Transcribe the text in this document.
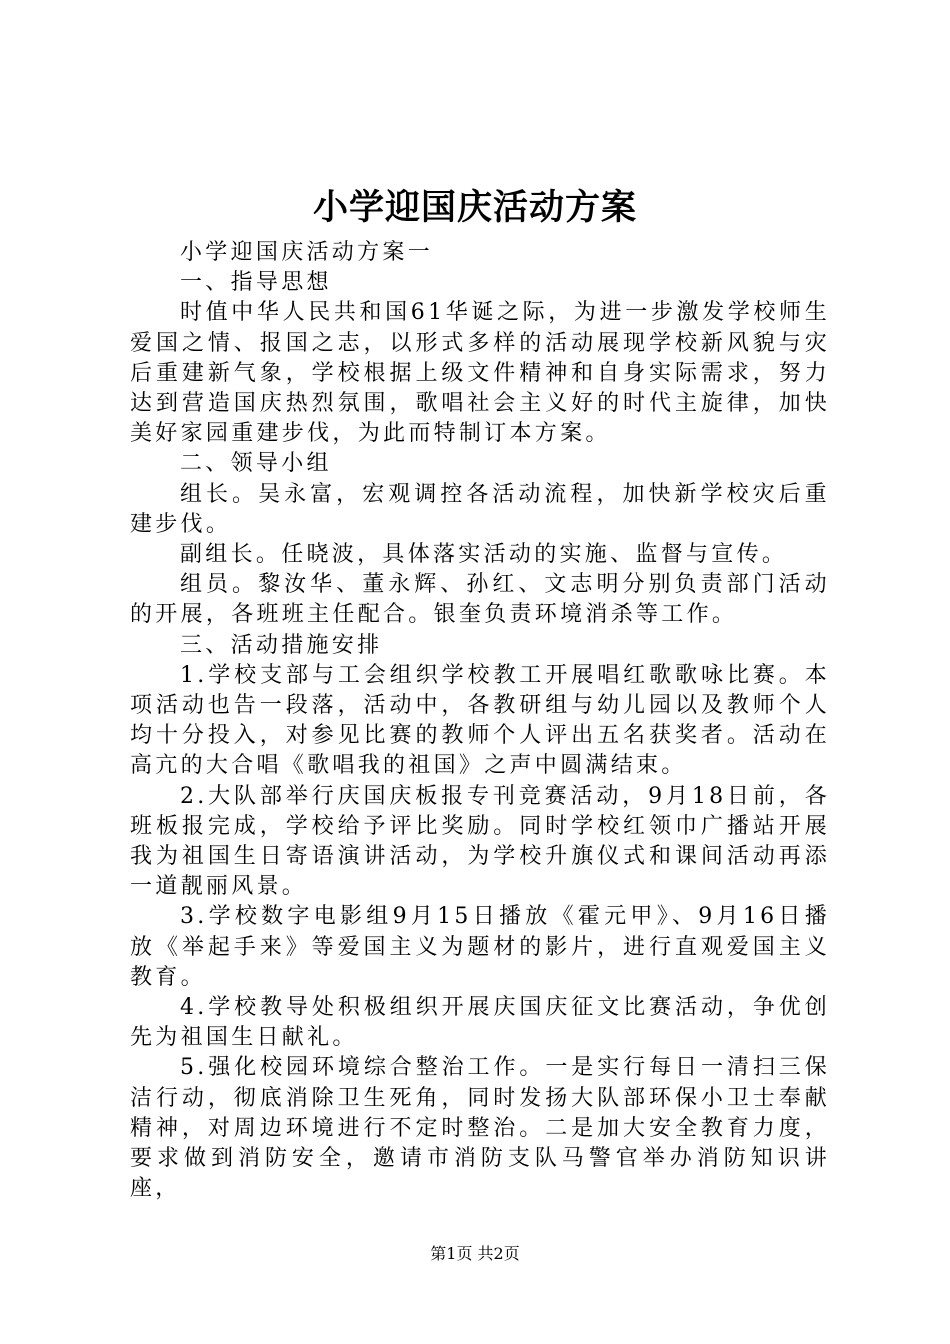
小学迎国庆活动方案

小学迎国庆活动方案一

一、指导思想

时值中华人民共和国61华诞之际，为进一步激发学校师生爱国之情、报国之志，以形式多样的活动展现学校新风貌与灾后重建新气象，学校根据上级文件精神和自身实际需求，努力达到营造国庆热烈氛围，歌唱社会主义好的时代主旋律，加快美好家园重建步伐，为此而特制订本方案。

二、领导小组

组长。吴永富，宏观调控各活动流程，加快新学校灾后重建步伐。

副组长。任晓波，具体落实活动的实施、监督与宣传。

组员。黎汝华、董永辉、孙红、文志明分别负责部门活动的开展，各班班主任配合。银奎负责环境消杀等工作。

三、活动措施安排

1.学校支部与工会组织学校教工开展唱红歌歌咏比赛。本项活动也告一段落，活动中，各教研组与幼儿园以及教师个人均十分投入，对参见比赛的教师个人评出五名获奖者。活动在高亢的大合唱《歌唱我的祖国》之声中圆满结束。

2.大队部举行庆国庆板报专刊竞赛活动，9月18日前，各班板报完成，学校给予评比奖励。同时学校红领巾广播站开展我为祖国生日寄语演讲活动，为学校升旗仪式和课间活动再添一道靓丽风景。

3.学校数字电影组9月15日播放《霍元甲》、9月16日播放《举起手来》等爱国主义为题材的影片，进行直观爱国主义教育。

4.学校教导处积极组织开展庆国庆征文比赛活动，争优创先为祖国生日献礼。

5.强化校园环境综合整治工作。一是实行每日一清扫三保洁行动，彻底消除卫生死角，同时发扬大队部环保小卫士奉献精神，对周边环境进行不定时整治。二是加大安全教育力度，要求做到消防安全，邀请市消防支队马警官举办消防知识讲座，

第1页 共2页
